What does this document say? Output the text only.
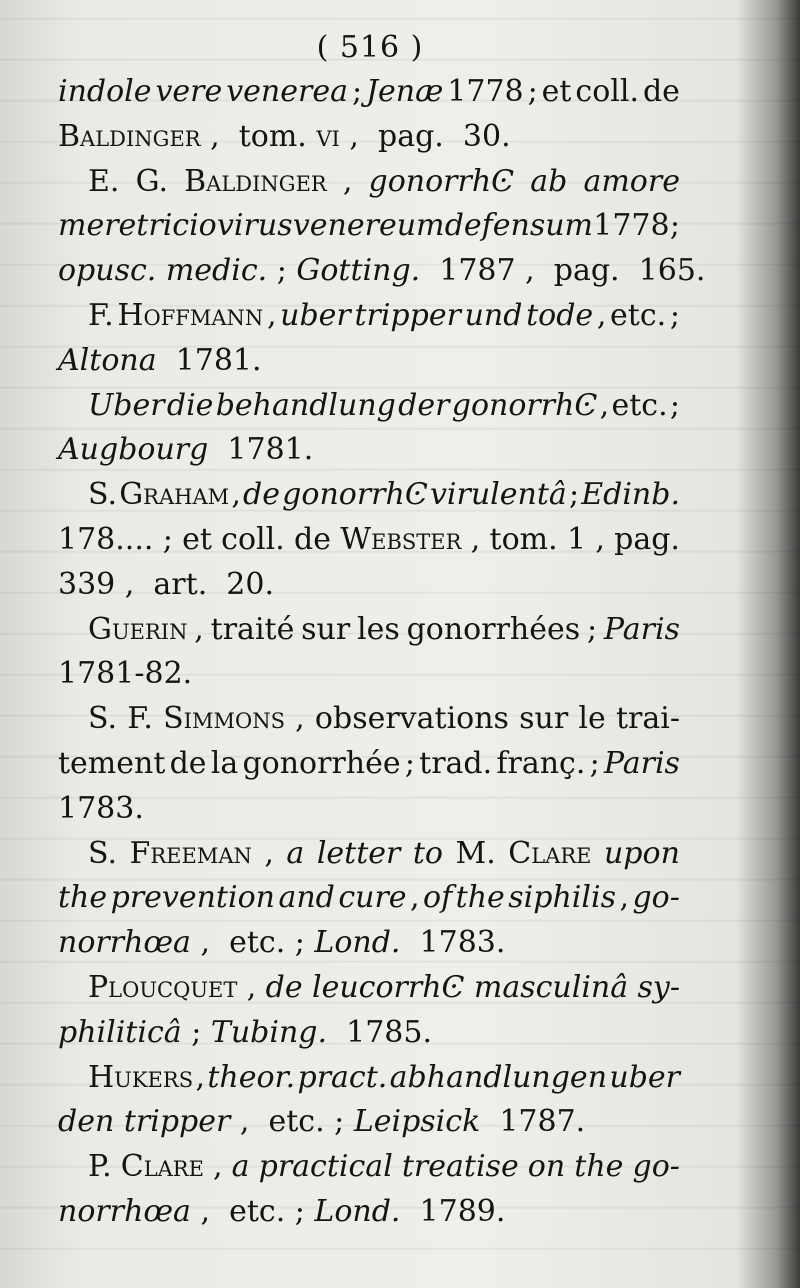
( 516 )
indole vere venerea ; Jenæ 1778 ; et coll. de
Baldinger ,  tom. vi ,  pag.  30.
E. G. Baldinger , gonorrhϾ ab amore
meretricio virus venereum defensum 1778 ;
opusc. medic. ; Gotting. 1787 ,  pag.  165.
F. Hoffmann , uber tripper und tode , etc. ;
Altona 1781.
Uber die behandlung der gonorrhϾ , etc. ;
Augbourg 1781.
S. Graham , de gonorrhϾ virulentâ ; Edinb.
178.... ; et coll. de Webster , tom. 1 , pag.
339 ,  art.  20.
Guerin , traité sur les gonorrhées ; Paris
1781-82.
S. F. Simmons , observations sur le trai-
tement de la gonorrhée ; trad. franç. ; Paris
1783.
S. Freeman , a letter to M. Clare upon
the prevention and cure , of the siphilis , go-
norrhœa ,  etc. ; Lond. 1783.
Ploucquet , de leucorrhϾ masculinâ sy-
philiticâ ; Tubing. 1785.
Hukers , theor. pract. abhandlungen uber
den
tripper ,  etc. ; Leipsick 1787.
P. Clare , a practical treatise on the go-
norrhœa ,  etc. ; Lond. 1789.
